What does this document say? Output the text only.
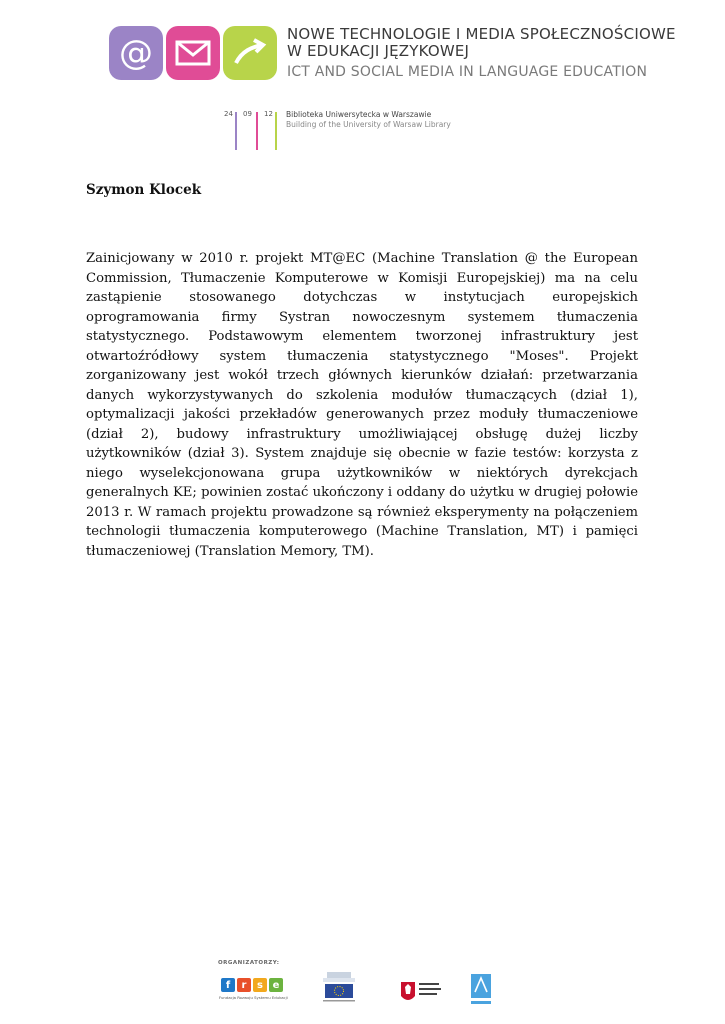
@	NOWE TECHNOLOGIE I MEDIA SPOŁECZNOŚCIOWE
W EDUKACJI JĘZYKOWEJ
ICT AND SOCIAL MEDIA IN LANGUAGE EDUCATION
24 09 12 Biblioteka Uniwersytecka w Warszawie
Building of the University of Warsaw Library

Szymon Klocek

Zainicjowany w 2010 r. projekt MT@EC (Machine Translation @ the European Commission, Tłumaczenie Komputerowe w Komisji Europejskiej) ma na celu zastąpienie stosowanego dotychczas w instytucjach europejskich oprogramowania firmy Systran nowoczesnym systemem tłumaczenia statystycznego. Podstawowym elementem tworzonej infrastruktury jest otwartoźródłowy system tłumaczenia statystycznego "Moses". Projekt zorganizowany jest wokół trzech głównych kierunków działań: przetwarzania danych wykorzystywanych do szkolenia modułów tłumaczących (dział 1), optymalizacji jakości przekładów generowanych przez moduły tłumaczeniowe (dział 2), budowy infrastruktury umożliwiającej obsługę dużej liczby użytkowników (dział 3). System znajduje się obecnie w fazie testów: korzysta z niego wyselekcjonowana grupa użytkowników w niektórych dyrekcjach generalnych KE; powinien zostać ukończony i oddany do użytku w drugiej połowie 2013 r. W ramach projektu prowadzone są również eksperymenty na połączeniem technologii tłumaczenia komputerowego (Machine Translation, MT) i pamięci tłumaczeniowej (Translation Memory, TM).

ORGANIZATORZY:
f	r	s e
Fundacja Rozwoju Systemu Edukacji
